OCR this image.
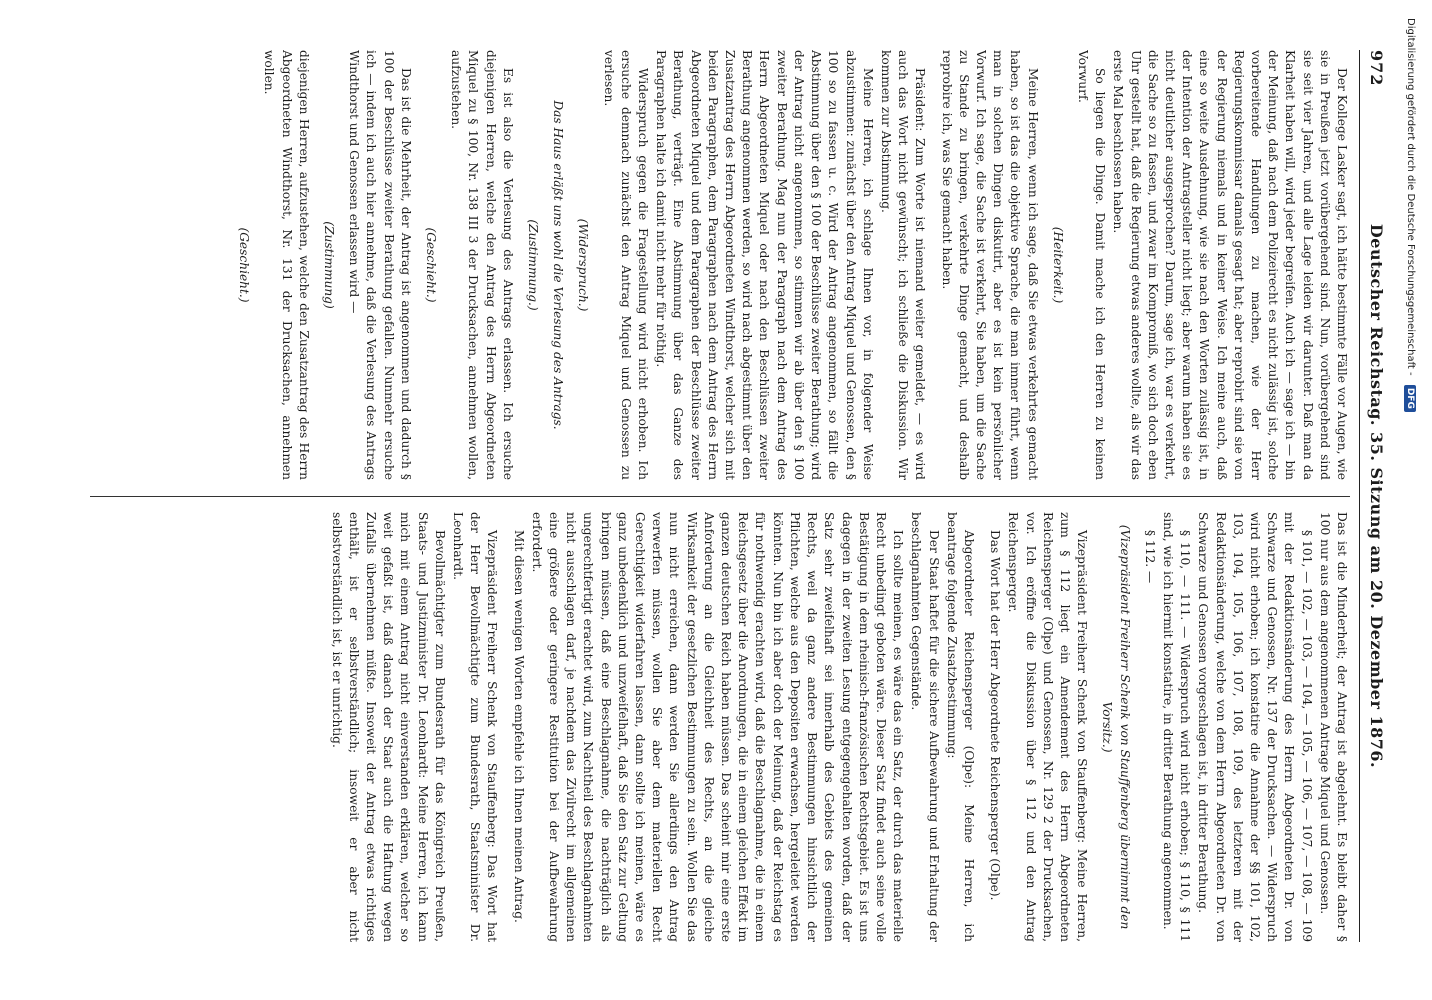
972
Deutscher Reichstag. 35. Sitzung am 20. Dezember 1876.

Der Kollege Lasker sagt, ich hätte bestimmte Fälle vor Augen, wie sie in Preußen jetzt vorübergehend sind. Nun, vorübergehend sind sie seit vier Jahren, und alle Lage leiden wir darunter. Daß man da Klarheit haben will, wird jeder begreifen. Auch ich — sage ich — bin der Meinung, daß nach dem Polizeirecht es nicht zulässig ist, solche vorbereitende Handlungen zu machen, wie der Herr Regierungskommissar damals gesagt hat; aber reprobirt sind sie von der Regierung niemals und in keiner Weise. Ich meine auch, daß eine so weite Ausdehnung, wie sie nach den Worten zulässig ist, in der Intention der Antragsteller nicht liegt; aber warum haben sie es nicht deutlicher ausgesprochen? Darum, sage ich, war es verkehrt, die Sache so zu fassen, und zwar im Kompromiß, wo sich doch eben Uhr gestellt hat, daß die Regierung etwas anderes wollte, als wir das erste Mal beschlossen haben.

So liegen die Dinge. Damit mache ich den Herren zu keinen Vorwurf.

(Heiterkeit.)

Meine Herren, wenn ich sage, daß Sie etwas verkehrtes gemacht haben, so ist das die objektive Sprache, die man immer führt, wenn man in solchen Dingen diskutirt, aber es ist kein persönlicher Vorwurf. Ich sage, die Sache ist verkehrt, Sie haben, um die Sache zu Stande zu bringen, verkehrte Dinge gemacht, und deshalb reprobire ich, was Sie gemacht haben.

Präsident: Zum Worte ist niemand weiter gemeldet, — es wird auch das Wort nicht gewünscht; ich schließe die Diskussion. Wir kommen zur Abstimmung.

Meine Herren, ich schlage Ihnen vor, in folgender Weise abzustimmen: zunächst über den Antrag Miquel und Genossen, den § 100 so zu fassen u. c. Wird der Antrag angenommen, so fällt die Abstimmung über den § 100 der Beschlüsse zweiter Berathung; wird der Antrag nicht angenommen, so stimmen wir ab über den § 100 zweiter Berathung. Mag nun der Paragraph nach dem Antrag des Herrn Abgeordneten Miquel oder nach den Beschlüssen zweiter Berathung angenommen werden, so wird nach abgestimmt über den Zusatzantrag des Herrn Abgeordneten Windthorst, welcher sich mit beiden Paragraphen, dem Paragraphen nach dem Antrag des Herrn Abgeordneten Miquel und dem Paragraphen der Beschlüsse zweiter Berathung, verträgt. Eine Abstimmung über das Ganze des Paragraphen halte ich damit nicht mehr für nöthig.

Widerspruch gegen die Fragestellung wird nicht erhoben. Ich ersuche demnach zunächst den Antrag Miquel und Genossen zu verlesen.

(Widerspruch.)

Das Haus erläßt uns wohl die Verlesung des Antrags.

(Zustimmung.)

Es ist also die Verlesung des Antrags erlassen. Ich ersuche diejenigen Herren, welche den Antrag des Herrn Abgeordneten Miquel zu § 100, Nr. 138 III 3 der Drucksachen, annehmen wollen, aufzustehen.

(Geschieht.)

Das ist die Mehrheit, der Antrag ist angenommen und dadurch § 100 der Beschlüsse zweiter Berathung gefallen. Nunmehr ersuche ich — indem ich auch hier annehme, daß die Verlesung des Antrags Windthorst und Genossen erlassen wird —

(Zustimmung)

diejenigen Herren, aufzustehen, welche den Zusatzantrag des Herrn Abgeordneten Windthorst, Nr. 131 der Drucksachen, annehmen wollen.

(Geschieht.)

Das ist die Minderheit; der Antrag ist abgelehnt. Es bleibt daher § 100 nur aus dem angenommenen Antrage Miquel und Genossen.

§ 101, — 102, — 103, — 104, — 105, — 106, — 107, — 108, — 109 mit der Redaktionsänderung des Herrn Abgeordneten Dr. von Schwarze und Genossen, Nr. 137 der Drucksachen. — Widerspruch wird nicht erhoben; ich konstatire die Annahme der §§ 101, 102, 103, 104, 105, 106, 107, 108, 109, des letzteren mit der Redaktionsänderung, welche von dem Herrn Abgeordneten Dr. von Schwarze und Genossen vorgeschlagen ist, in dritter Berathung.

§ 110, — 111. — Widerspruch wird nicht erhoben; § 110, § 111 sind, wie ich hiermit konstatire, in dritter Berathung angenommen.

§ 112. —

(Vizepräsident Freiherr Schenk von Stauffenberg übernimmt den Vorsitz.)

Vizepräsident Freiherr Schenk von Stauffenberg: Meine Herren, zum § 112 liegt ein Amendement des Herrn Abgeordneten Reichensperger (Olpe) und Genossen, Nr. 129 2 der Drucksachen, vor. Ich eröffne die Diskussion über § 112 und den Antrag Reichensperger.

Das Wort hat der Herr Abgeordnete Reichensperger (Olpe).

Abgeordneter Reichensperger (Olpe): Meine Herren, ich beantrage folgende Zusatzbestimmung:

Der Staat haftet für die sichere Aufbewahrung und Erhaltung der beschlagnahmten Gegenstände.

Ich sollte meinen, es wäre das ein Satz, der durch das materielle Recht unbedingt geboten wäre. Dieser Satz findet auch seine volle Bestätigung in dem rheinisch-französischen Rechtsgebiet. Es ist uns dagegen in der zweiten Lesung entgegengehalten worden, daß der Satz sehr zweifelhaft sei innerhalb des Gebiets des gemeinen Rechts, weil da ganz andere Bestimmungen hinsichtlich der Pflichten, welche aus den Depositen erwachsen, hergeleitet werden könnten. Nun bin ich aber doch der Meinung, daß der Reichstag es für nothwendig erachten wird, daß die Beschlagnahme, die in einem Reichsgesetz über die Anordnungen, die in einem gleichen Effekt im ganzen deutschen Reich haben müssen. Das scheint mir eine erste Anforderung an die Gleichheit des Rechts, an die gleiche Wirksamkeit der gesetzlichen Bestimmungen zu sein. Wollen Sie das nun nicht erreichen, dann werden Sie allerdings den Antrag verwerfen müssen, wollen Sie aber dem materiellen Recht Gerechtigkeit widerfahren lassen, dann sollte ich meinen, wäre es ganz unbedenklich und unzweifelhaft, daß Sie den Satz zur Geltung bringen müssen, daß eine Beschlagnahme, die nachträglich als ungerechtfertigt erachtet wird, zum Nachtheil des Beschlagnahmten nicht ausschlagen darf, je nachdem das Zivilrecht im allgemeinen eine größere oder geringere Restitution bei der Aufbewahrung erfordert.

Mit diesen wenigen Worten empfehle ich Ihnen meinen Antrag.

Vizepräsident Freiherr Schenk von Stauffenberg: Das Wort hat der Herr Bevollmächtigte zum Bundesrath, Staatsminister Dr. Leonhardt.

Bevollmächtigter zum Bundesrath für das Königreich Preußen, Staats- und Justizminister Dr. Leonhardt: Meine Herren, ich kann mich mit einem Antrag nicht einverstanden erklären, welcher so weit gefaßt ist, daß danach der Staat auch die Haftung wegen Zufalls übernehmen müßte. Insoweit der Antrag etwas richtiges enthält, ist er selbstverständlich; insoweit er aber nicht selbstverständlich ist, ist er unrichtig.

Digitalisierung gefördert durch die Deutsche Forschungsgemeinschaft - DFG
